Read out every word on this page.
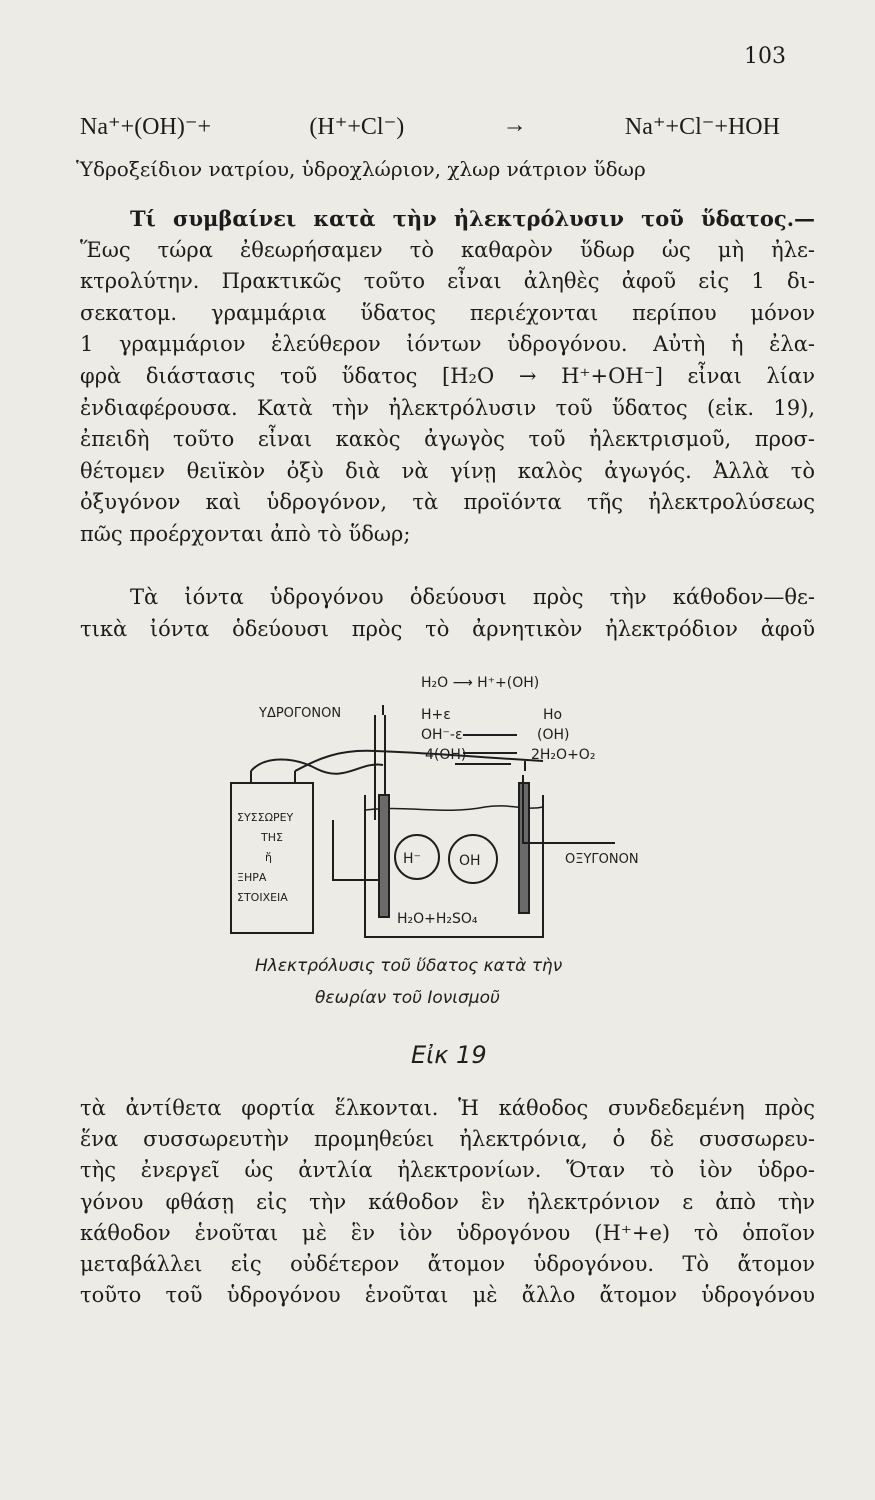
103
Na⁺+(OH)⁻+	(H⁺+Cl⁻)	→	Na⁺+Cl⁻+HOH
Ὑδροξείδιον νατρίου, ὑδροχλώριον, χλωρ νάτριον ὕδωρ
Τί συμβαίνει κατὰ τὴν ἠλεκτρόλυσιν τοῦ ὕδατος.—
Ἕως τώρα ἐθεωρήσαμεν τὸ καθαρὸν ὕδωρ ὡς μὴ ἠλε-
κτρολύτην. Πρακτικῶς τοῦτο εἶναι ἀληθὲς ἀφοῦ εἰς 1 δι-
σεκατομ. γραμμάρια ὕδατος περιέχονται περίπου μόνον
1 γραμμάριον ἐλεύθερον ἰόντων ὑδρογόνου. Αὐτὴ ἡ ἐλα-
φρὰ διάστασις τοῦ ὕδατος [H₂O → H⁺+OH⁻] εἶναι λίαν
ἐνδιαφέρουσα. Κατὰ τὴν ἠλεκτρόλυσιν τοῦ ὕδατος (εἰκ. 19),
ἐπειδὴ τοῦτο εἶναι κακὸς ἀγωγὸς τοῦ ἠλεκτρισμοῦ, προσ-
θέτομεν θειϊκὸν ὀξὺ διὰ νὰ γίνῃ καλὸς ἀγωγός. Ἀλλὰ τὸ
ὀξυγόνον καὶ ὑδρογόνον, τὰ προϊόντα τῆς ἠλεκτρολύσεως
πῶς προέρχονται ἀπὸ τὸ ὕδωρ;
Τὰ ἰόντα ὑδρογόνου ὁδεύουσι πρὸς τὴν κάθοδον—θε-
τικὰ ἰόντα ὁδεύουσι πρὸς τὸ ἀρνητικὸν ἠλεκτρόδιον ἀφοῦ
H₂O ⟶ H⁺+(OH)
H+ε	Ho
OH⁻-ε	(OH)
4(OH)	2H₂O+O₂
ΥΔΡΟΓΟΝΟΝ
ΟΞΥΓΟΝΟΝ
ΣΥΣΣΩΡΕΥ
ΤΗΣ
ἤ
ΞΗΡΑ
ΣΤΟΙΧΕΙΑ
H⁻	OH
H₂O+H₂SO₄
Ηλεκτρόλυσις τοῦ ὕδατος κατὰ τὴν
θεωρίαν τοῦ Ιονισμοῦ
Εἰκ 19
τὰ ἀντίθετα φορτία ἕλκονται. Ἡ κάθοδος συνδεδεμένη πρὸς
ἕνα συσσωρευτὴν προμηθεύει ἠλεκτρόνια, ὁ δὲ συσσωρευ-
τὴς ἐνεργεῖ ὡς ἀντλία ἠλεκτρονίων. Ὅταν τὸ ἰὸν ὑδρο-
γόνου φθάσῃ εἰς τὴν κάθοδον ἓν ἠλεκτρόνιον ε ἀπὸ τὴν
κάθοδον ἑνοῦται μὲ ἓν ἰὸν ὑδρογόνου (H⁺+e) τὸ ὁποῖον
μεταβάλλει εἰς οὐδέτερον ἄτομον ὑδρογόνου. Τὸ ἄτομον
τοῦτο τοῦ ὑδρογόνου ἑνοῦται μὲ ἄλλο ἄτομον ὑδρογόνου
